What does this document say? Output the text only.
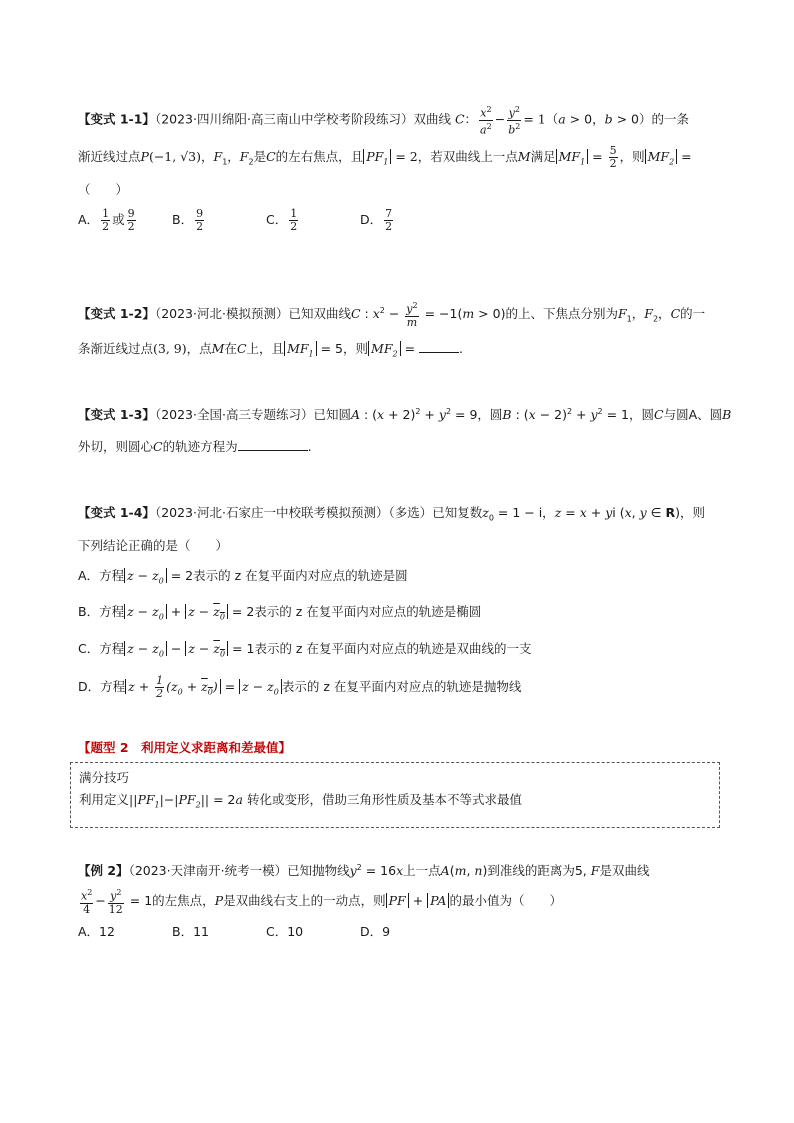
【变式 1-1】（2023·四川绵阳·高三南山中学校考阶段练习）双曲线 C： $\frac{x^2}{a^2} - \frac{y^2}{b^2} = 1(a > 0$，b > 0）的一条
渐近线过点P(−1, √3)，$F_1$，$F_2$是C的左右焦点，且 $PF_1 = 2$，若双曲线上一点M满足 $MF_1 = \frac{5}{2}$ ，则 $MF_2$ =
（　　）
A． $\frac{1}{2}$ 或 $\frac{9}{2}$	B． $\frac{9}{2}$	C． $\frac{1}{2}$	D． $\frac{7}{2}$
【变式 1-2】（2023·河北·模拟预测）已知双曲线C : $x^2 - \frac{y^2}{m} = -1(m > 0)$的上、下焦点分别为$F_1$，$F_2$，C的一
条渐近线过点(3, 9)，点M在C上，且 $MF_1 = 5$，则 $MF_2$ =	.
【变式 1-3】（2023·全国·高三专题练习）已知圆A : $(x + 2)^2 + y^2 = 9$，圆B : $(x - 2)^2 + y^2 = 1$，圆C与圆A、圆B
外切，则圆心C的轨迹方程为	.
【变式 1-4】（2023·河北·石家庄一中校联考模拟预测）（多选）已知复数$z_0 = 1 - i$，z = x + yi (x, y ∈ R)，则
下列结论正确的是（　　）
A．方程 $z - z_0 = 2$表示的 z 在复平面内对应点的轨迹是圆
B．方程 $z - z_0 + z - z_0 = 2$表示的 z 在复平面内对应点的轨迹是椭圆
C．方程 $z - z_0 - z - z_0 = 1$表示的 z 在复平面内对应点的轨迹是双曲线的一支
D．方程 $z + \frac{1}{2} (z_0 + z_0) = z - z_0$ 表示的 z 在复平面内对应点的轨迹是抛物线
【题型 2　利用定义求距离和差最值】
满分技巧
利用定义$||PF_1|-|PF_2|| = 2a$ 转化或变形，借助三角形性质及基本不等式求最值
【例 2】（2023·天津南开·统考一模）已知抛物线$y^2 = 16x$上一点A(m, n)到准线的距离为5, F是双曲线
$\frac{x^2}{4} - \frac{y^2}{12} = 1$的左焦点，P是双曲线右支上的一动点，则 PF + PA 的最小值为（　　）
A．12	B．11	C．10	D．9
